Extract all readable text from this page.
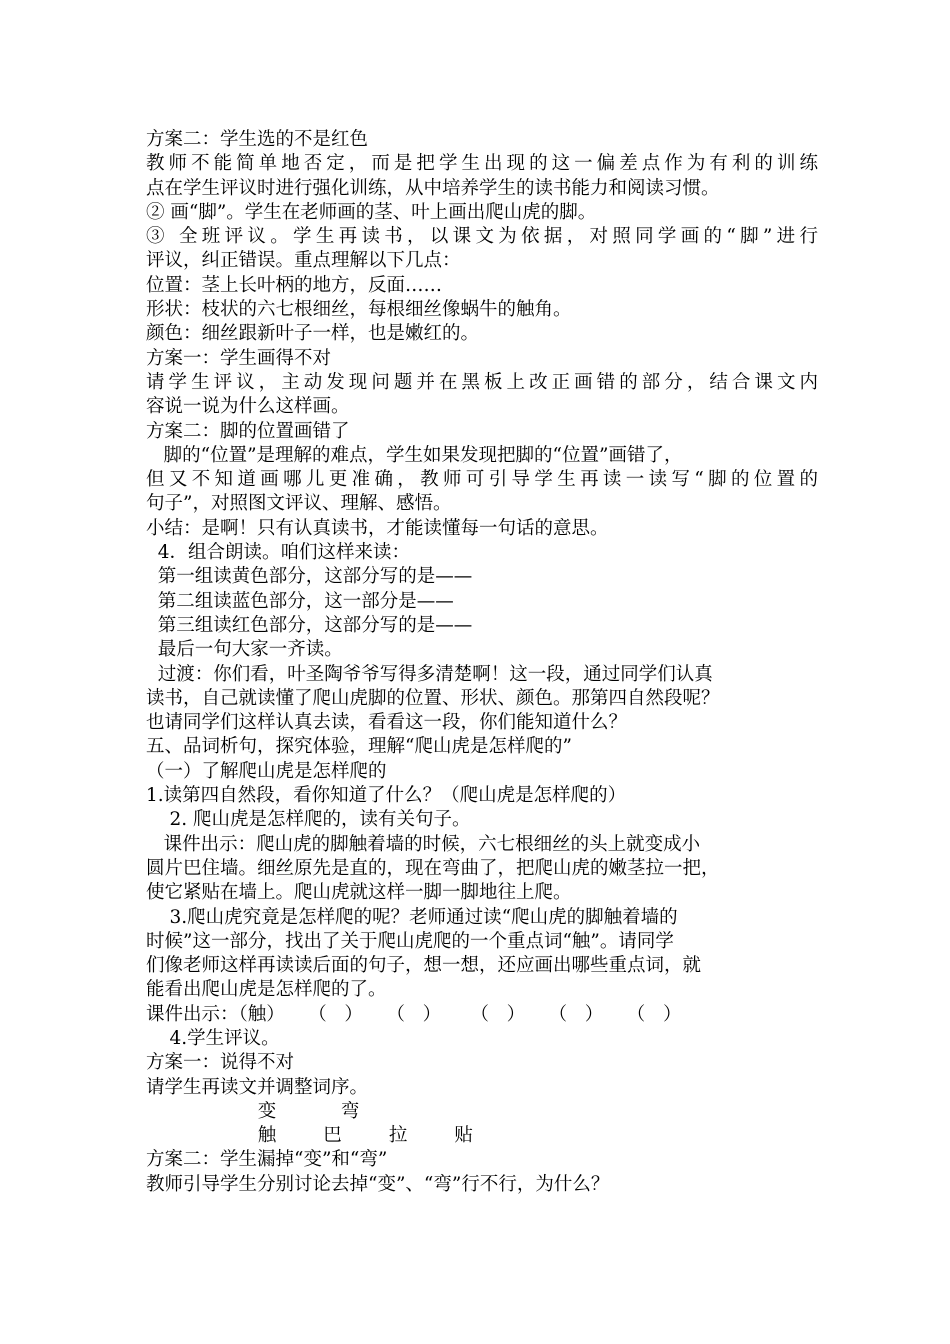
方案二：学生选的不是红色
教师不能简单地否定，而是把学生出现的这一偏差点作为有利的训练
点在学生评议时进行强化训练，从中培养学生的读书能力和阅读习惯。
② 画“脚”。学生在老师画的茎、叶上画出爬山虎的脚。
③ 全班评议。学生再读书，以课文为依据，对照同学画的“脚”进行
评议，纠正错误。重点理解以下几点：
位置：茎上长叶柄的地方，反面……
形状：枝状的六七根细丝，每根细丝像蜗牛的触角。
颜色：细丝跟新叶子一样，也是嫩红的。
方案一：学生画得不对
请学生评议，主动发现问题并在黑板上改正画错的部分，结合课文内
容说一说为什么这样画。
方案二：脚的位置画错了
脚的“位置”是理解的难点，学生如果发现把脚的“位置”画错了，
但又不知道画哪儿更准确，教师可引导学生再读一读写“脚的位置的
句子”，对照图文评议、理解、感悟。
小结：是啊！只有认真读书，才能读懂每一句话的意思。
4．组合朗读。咱们这样来读：
第一组读黄色部分，这部分写的是——
第二组读蓝色部分，这一部分是——
第三组读红色部分，这部分写的是——
最后一句大家一齐读。
过渡：你们看，叶圣陶爷爷写得多清楚啊！这一段，通过同学们认真
读书，自己就读懂了爬山虎脚的位置、形状、颜色。那第四自然段呢？
也请同学们这样认真去读，看看这一段，你们能知道什么？
五、品词析句，探究体验，理解“爬山虎是怎样爬的”
（一）了解爬山虎是怎样爬的
1.读第四自然段，看你知道了什么？（爬山虎是怎样爬的）
2. 爬山虎是怎样爬的，读有关句子。
课件出示：爬山虎的脚触着墙的时候，六七根细丝的头上就变成小
圆片巴住墙。细丝原先是直的，现在弯曲了，把爬山虎的嫩茎拉一把，
使它紧贴在墙上。爬山虎就这样一脚一脚地往上爬。
3.爬山虎究竟是怎样爬的呢？老师通过读“爬山虎的脚触着墙的
时候”这一部分，找出了关于爬山虎爬的一个重点词“触”。请同学
们像老师这样再读读后面的句子，想一想，还应画出哪些重点词，就
能看出爬山虎是怎样爬的了。
课件出示：（触）    （   ）    （   ）     （   ）    （   ）    （   ）
4.学生评议。
方案一：说得不对
请学生再读文并调整词序。
变           弯
触        巴        拉        贴
方案二：学生漏掉“变”和“弯”
教师引导学生分别讨论去掉“变”、“弯”行不行，为什么？
